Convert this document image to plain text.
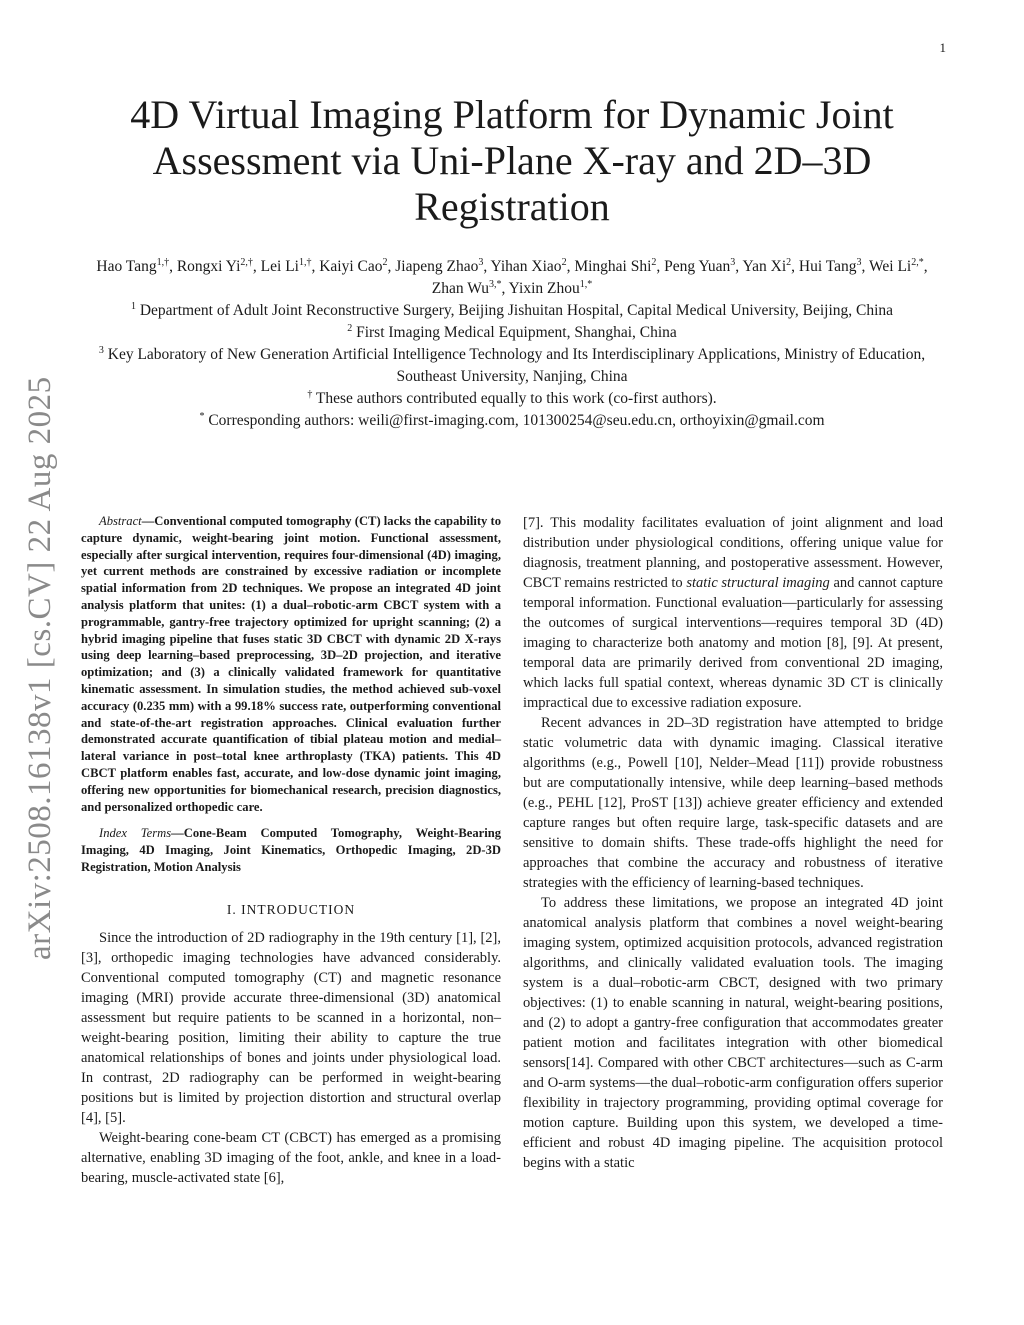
1
arXiv:2508.16138v1 [cs.CV] 22 Aug 2025
4D Virtual Imaging Platform for Dynamic Joint Assessment via Uni-Plane X-ray and 2D–3D Registration
Hao Tang$^{1,\dagger}$, Rongxi $Yi^{2,\dagger}$, Lei $Li^{1,\dagger}$, Kaiyi Cao$^2$, Jiapeng Zhao$^3$, Yihan Xiao$^2$, Minghai Shi$^2$, Peng Yuan$^3$, Yan Xi$^2$, Hui Tang$^3$, Wei $Li^{2,*}$, Zhan $Wu^{3,*}$, Yixin Zhou$^{1,*}$
$^1$ Department of Adult Joint Reconstructive Surgery, Beijing Jishuitan Hospital, Capital Medical University, Beijing, China
$^2$ First Imaging Medical Equipment, Shanghai, China
$^3$ Key Laboratory of New Generation Artificial Intelligence Technology and Its Interdisciplinary Applications, Ministry of Education, Southeast University, Nanjing, China
† These authors contributed equally to this work (co-first authors).
* Corresponding authors: weili@first-imaging.com, 101300254@seu.edu.cn, orthoyixin@gmail.com

Abstract—Conventional computed tomography (CT) lacks the capability to capture dynamic, weight-bearing joint motion. Functional assessment, especially after surgical intervention, requires four-dimensional (4D) imaging, yet current methods are constrained by excessive radiation or incomplete spatial information from 2D techniques. We propose an integrated 4D joint analysis platform that unites: (1) a dual–robotic-arm CBCT system with a programmable, gantry-free trajectory optimized for upright scanning; (2) a hybrid imaging pipeline that fuses static 3D CBCT with dynamic 2D X-rays using deep learning–based preprocessing, 3D–2D projection, and iterative optimization; and (3) a clinically validated framework for quantitative kinematic assessment. In simulation studies, the method achieved sub-voxel accuracy (0.235 mm) with a 99.18% success rate, outperforming conventional and state-of-the-art registration approaches. Clinical evaluation further demonstrated accurate quantification of tibial plateau motion and medial–lateral variance in post–total knee arthroplasty (TKA) patients. This 4D CBCT platform enables fast, accurate, and low-dose dynamic joint imaging, offering new opportunities for biomechanical research, precision diagnostics, and personalized orthopedic care.

Index Terms—Cone-Beam Computed Tomography, Weight-Bearing Imaging, 4D Imaging, Joint Kinematics, Orthopedic Imaging, 2D-3D Registration, Motion Analysis

I. INTRODUCTION

Since the introduction of 2D radiography in the 19th century [1], [2], [3], orthopedic imaging technologies have advanced considerably. Conventional computed tomography (CT) and magnetic resonance imaging (MRI) provide accurate three-dimensional (3D) anatomical assessment but require patients to be scanned in a horizontal, non–weight-bearing position, limiting their ability to capture the true anatomical relationships of bones and joints under physiological load. In contrast, 2D radiography can be performed in weight-bearing positions but is limited by projection distortion and structural overlap [4], [5].

Weight-bearing cone-beam CT (CBCT) has emerged as a promising alternative, enabling 3D imaging of the foot, ankle, and knee in a load-bearing, muscle-activated state [6],

[7]. This modality facilitates evaluation of joint alignment and load distribution under physiological conditions, offering unique value for diagnosis, treatment planning, and postoperative assessment. However, CBCT remains restricted to static structural imaging and cannot capture temporal information. Functional evaluation—particularly for assessing the outcomes of surgical interventions—requires temporal 3D (4D) imaging to characterize both anatomy and motion [8], [9]. At present, temporal data are primarily derived from conventional 2D imaging, which lacks full spatial context, whereas dynamic 3D CT is clinically impractical due to excessive radiation exposure.

Recent advances in 2D–3D registration have attempted to bridge static volumetric data with dynamic imaging. Classical iterative algorithms (e.g., Powell [10], Nelder–Mead [11]) provide robustness but are computationally intensive, while deep learning–based methods (e.g., PEHL [12], ProST [13]) achieve greater efficiency and extended capture ranges but often require large, task-specific datasets and are sensitive to domain shifts. These trade-offs highlight the need for approaches that combine the accuracy and robustness of iterative strategies with the efficiency of learning-based techniques.

To address these limitations, we propose an integrated 4D joint anatomical analysis platform that combines a novel weight-bearing imaging system, optimized acquisition protocols, advanced registration algorithms, and clinically validated evaluation tools. The imaging system is a dual–robotic-arm CBCT, designed with two primary objectives: (1) to enable scanning in natural, weight-bearing positions, and (2) to adopt a gantry-free configuration that accommodates greater patient motion and facilitates integration with other biomedical sensors[14]. Compared with other CBCT architectures—such as C-arm and O-arm systems—the dual–robotic-arm configuration offers superior flexibility in trajectory programming, providing optimal coverage for motion capture. Building upon this system, we developed a time-efficient and robust 4D imaging pipeline. The acquisition protocol begins with a static
